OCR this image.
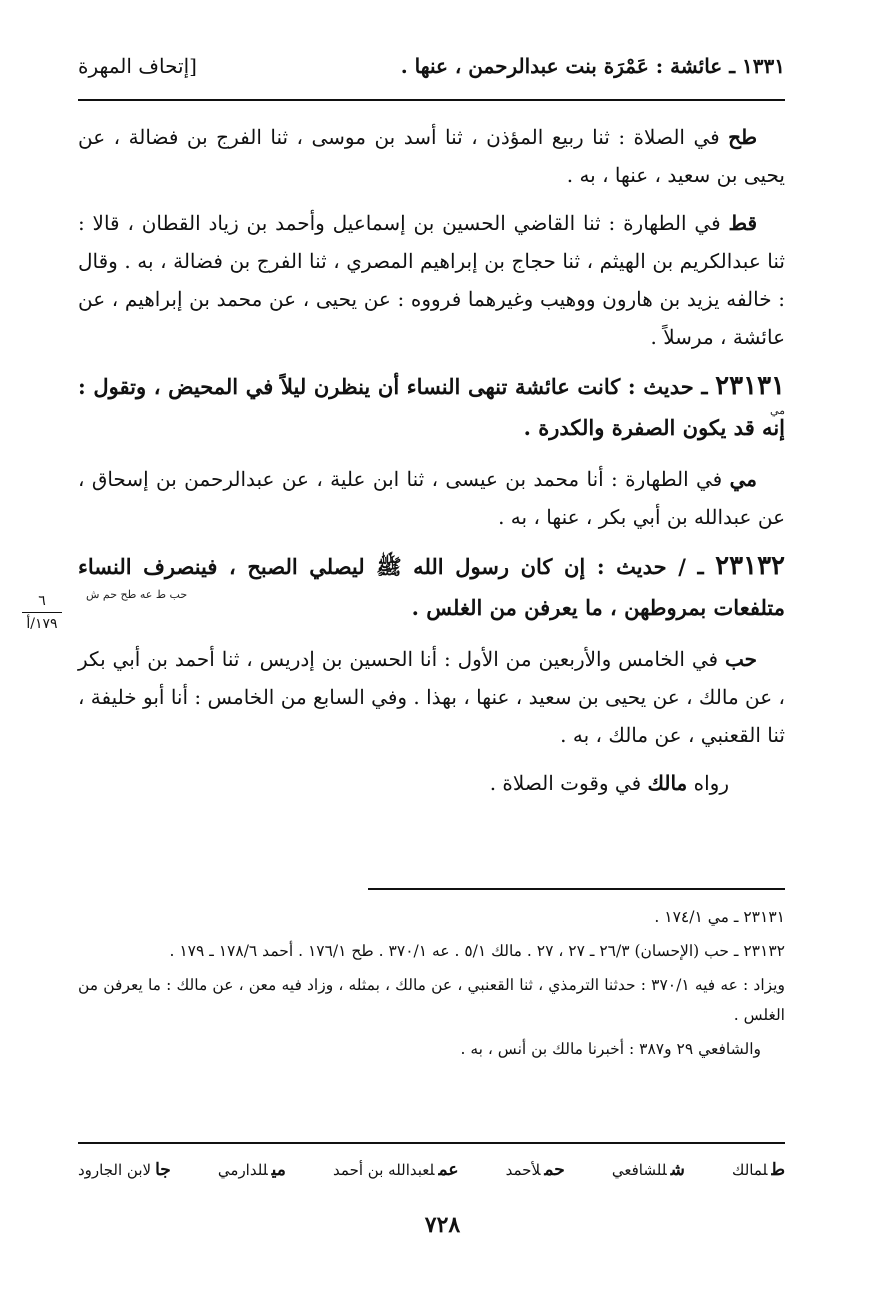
١٣٣١ ـ عائشة : عَمْرَة بنت عبدالرحمن ، عنها .
[إتحاف المهرة

طح في الصلاة : ثنا ربيع المؤذن ، ثنا أسد بن موسى ، ثنا الفرج بن فضالة ، عن يحيى بن سعيد ، عنها ، به .

قط في الطهارة : ثنا القاضي الحسين بن إسماعيل وأحمد بن زياد القطان ، قالا : ثنا عبدالكريم بن الهيثم ، ثنا حجاج بن إبراهيم المصري ، ثنا الفرج بن فضالة ، به . وقال : خالفه يزيد بن هارون ووهيب وغيرهما فرووه : عن يحيى ، عن محمد بن إبراهيم ، عن عائشة ، مرسلاً .

٢٣١٣١ ـ حديث : كانت عائشة تنهى النساء أن ينظرن ليلاً في المحيض ، وتقول : إنه قد يكون الصفرة والكدرة .
مي

مي في الطهارة : أنا محمد بن عيسى ، ثنا ابن علية ، عن عبدالرحمن بن إسحاق ، عن عبدالله بن أبي بكر ، عنها ، به .

٢٣١٣٢ ـ / حديث : إن كان رسول الله ﷺ ليصلي الصبح ، فينصرف النساء متلفعات بمروطهن ، ما يعرفن من الغلس .
حب ط عه طح حم ش

حب في الخامس والأربعين من الأول : أنا الحسين بن إدريس ، ثنا أحمد بن أبي بكر ، عن مالك ، عن يحيى بن سعيد ، عنها ، بهذا . وفي السابع من الخامس : أنا أبو خليفة ، ثنا القعنبي ، عن مالك ، به .

رواه مالك في وقوت الصلاة .

٦
١٧٩/أ

٢٣١٣١ ـ مي ١٧٤/١ .

٢٣١٣٢ ـ حب (الإحسان) ٢٦/٣ ـ ٢٧ ، ٢٧ . مالك ٥/١ . عه ٣٧٠/١ . طح ١٧٦/١ . أحمد ١٧٨/٦ ـ ١٧٩ .

ويزاد : عه فيه ٣٧٠/١ : حدثنا الترمذي ، ثنا القعنبي ، عن مالك ، بمثله ، وزاد فيه معن ، عن مالك : ما يعرفن من الغلس .

والشافعي ٢٩ و٣٨٧ : أخبرنا مالك بن أنس ، به .

طلمالك
شللشافعي
حملأحمد
عملعبدالله بن أحمد
ميللدارمي
جالابن الجارود
٧٢٨
